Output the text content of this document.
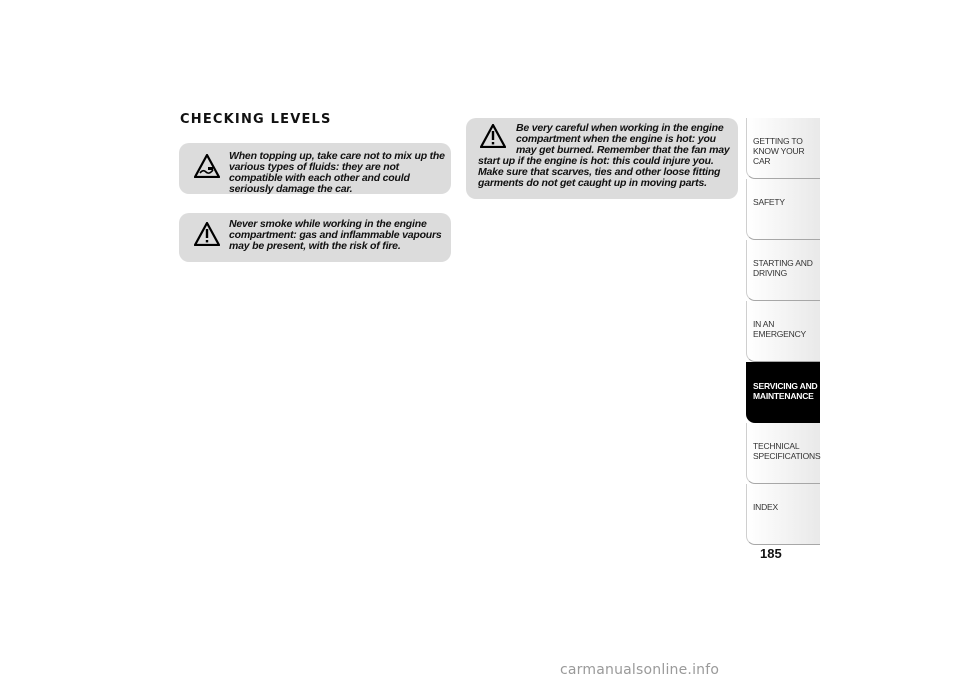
CHECKING LEVELS

When topping up, take care not to mix up the various types of fluids: they are not compatible with each other and could seriously damage the car.

Never smoke while working in the engine compartment: gas and inflammable vapours may be present, with the risk of fire.

Be very careful when working in the engine compartment when the engine is hot: you may get burned. Remember that the fan may start up if the engine is hot: this could injure you. Make sure that scarves, ties and other loose fitting garments do not get caught up in moving parts.

GETTING TO KNOW YOUR CAR
SAFETY
STARTING AND DRIVING
IN AN EMERGENCY
SERVICING AND MAINTENANCE
TECHNICAL SPECIFICATIONS
INDEX
185
carmanualsonline.info
